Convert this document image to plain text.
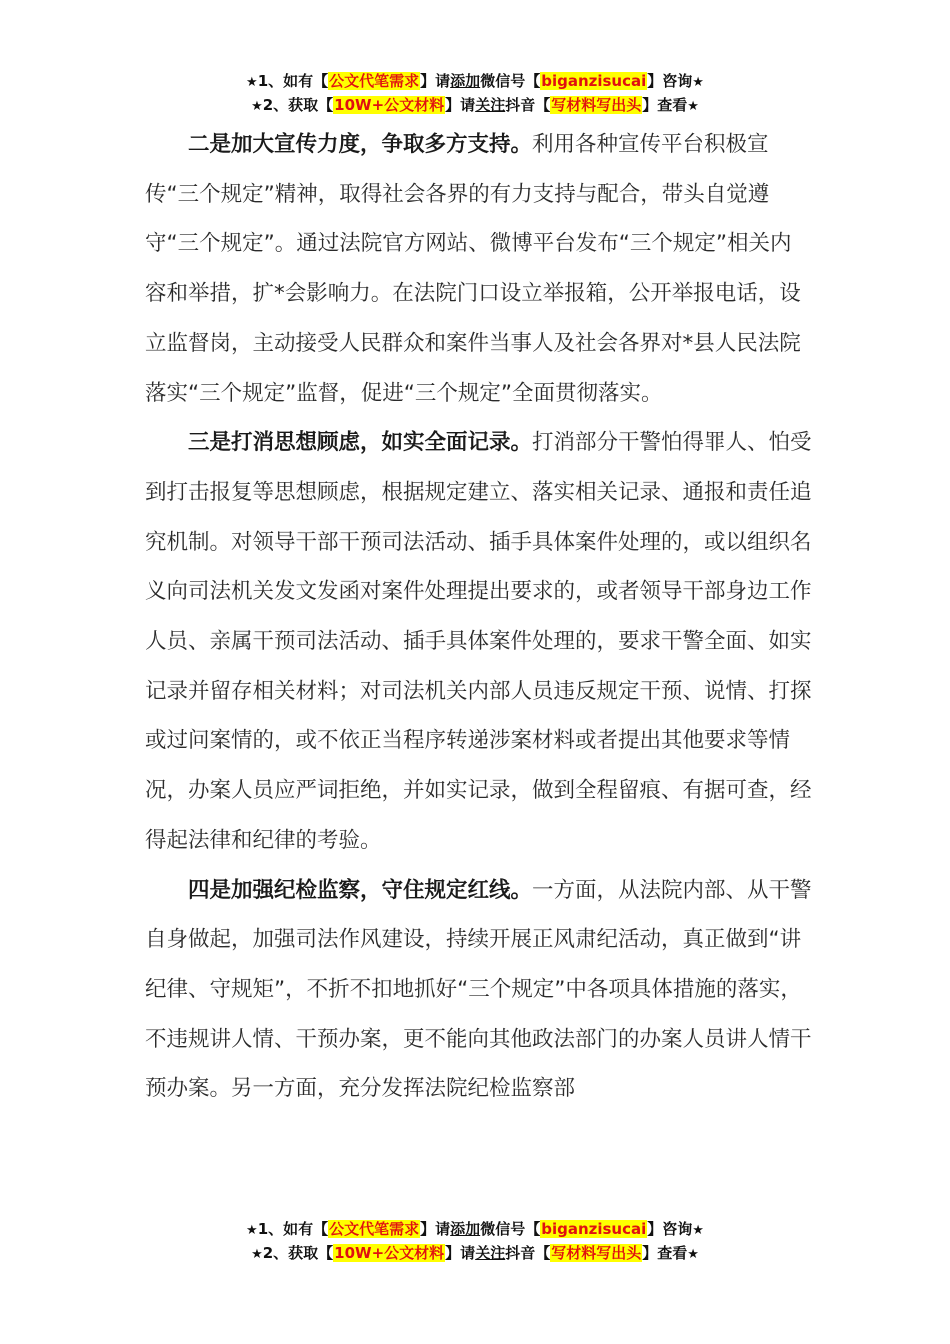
★1、如有【公文代笔需求】请添加微信号【biganzisucai】咨询★
★2、获取【10W+公文材料】请关注抖音【写材料写出头】查看★

二是加大宣传力度，争取多方支持。利用各种宣传平台积极宣传“三个规定”精神，取得社会各界的有力支持与配合，带头自觉遵守“三个规定”。通过法院官方网站、微博平台发布“三个规定”相关内容和举措，扩*会影响力。在法院门口设立举报箱，公开举报电话，设立监督岗，主动接受人民群众和案件当事人及社会各界对*县人民法院落实“三个规定”监督，促进“三个规定”全面贯彻落实。

三是打消思想顾虑，如实全面记录。打消部分干警怕得罪人、怕受到打击报复等思想顾虑，根据规定建立、落实相关记录、通报和责任追究机制。对领导干部干预司法活动、插手具体案件处理的，或以组织名义向司法机关发文发函对案件处理提出要求的，或者领导干部身边工作人员、亲属干预司法活动、插手具体案件处理的，要求干警全面、如实记录并留存相关材料；对司法机关内部人员违反规定干预、说情、打探或过问案情的，或不依正当程序转递涉案材料或者提出其他要求等情况，办案人员应严词拒绝，并如实记录，做到全程留痕、有据可查，经得起法律和纪律的考验。

四是加强纪检监察，守住规定红线。一方面，从法院内部、从干警自身做起，加强司法作风建设，持续开展正风肃纪活动，真正做到“讲纪律、守规矩”，不折不扣地抓好“三个规定”中各项具体措施的落实，不违规讲人情、干预办案，更不能向其他政法部门的办案人员讲人情干预办案。另一方面，充分发挥法院纪检监察部

★1、如有【公文代笔需求】请添加微信号【biganzisucai】咨询★
★2、获取【10W+公文材料】请关注抖音【写材料写出头】查看★
